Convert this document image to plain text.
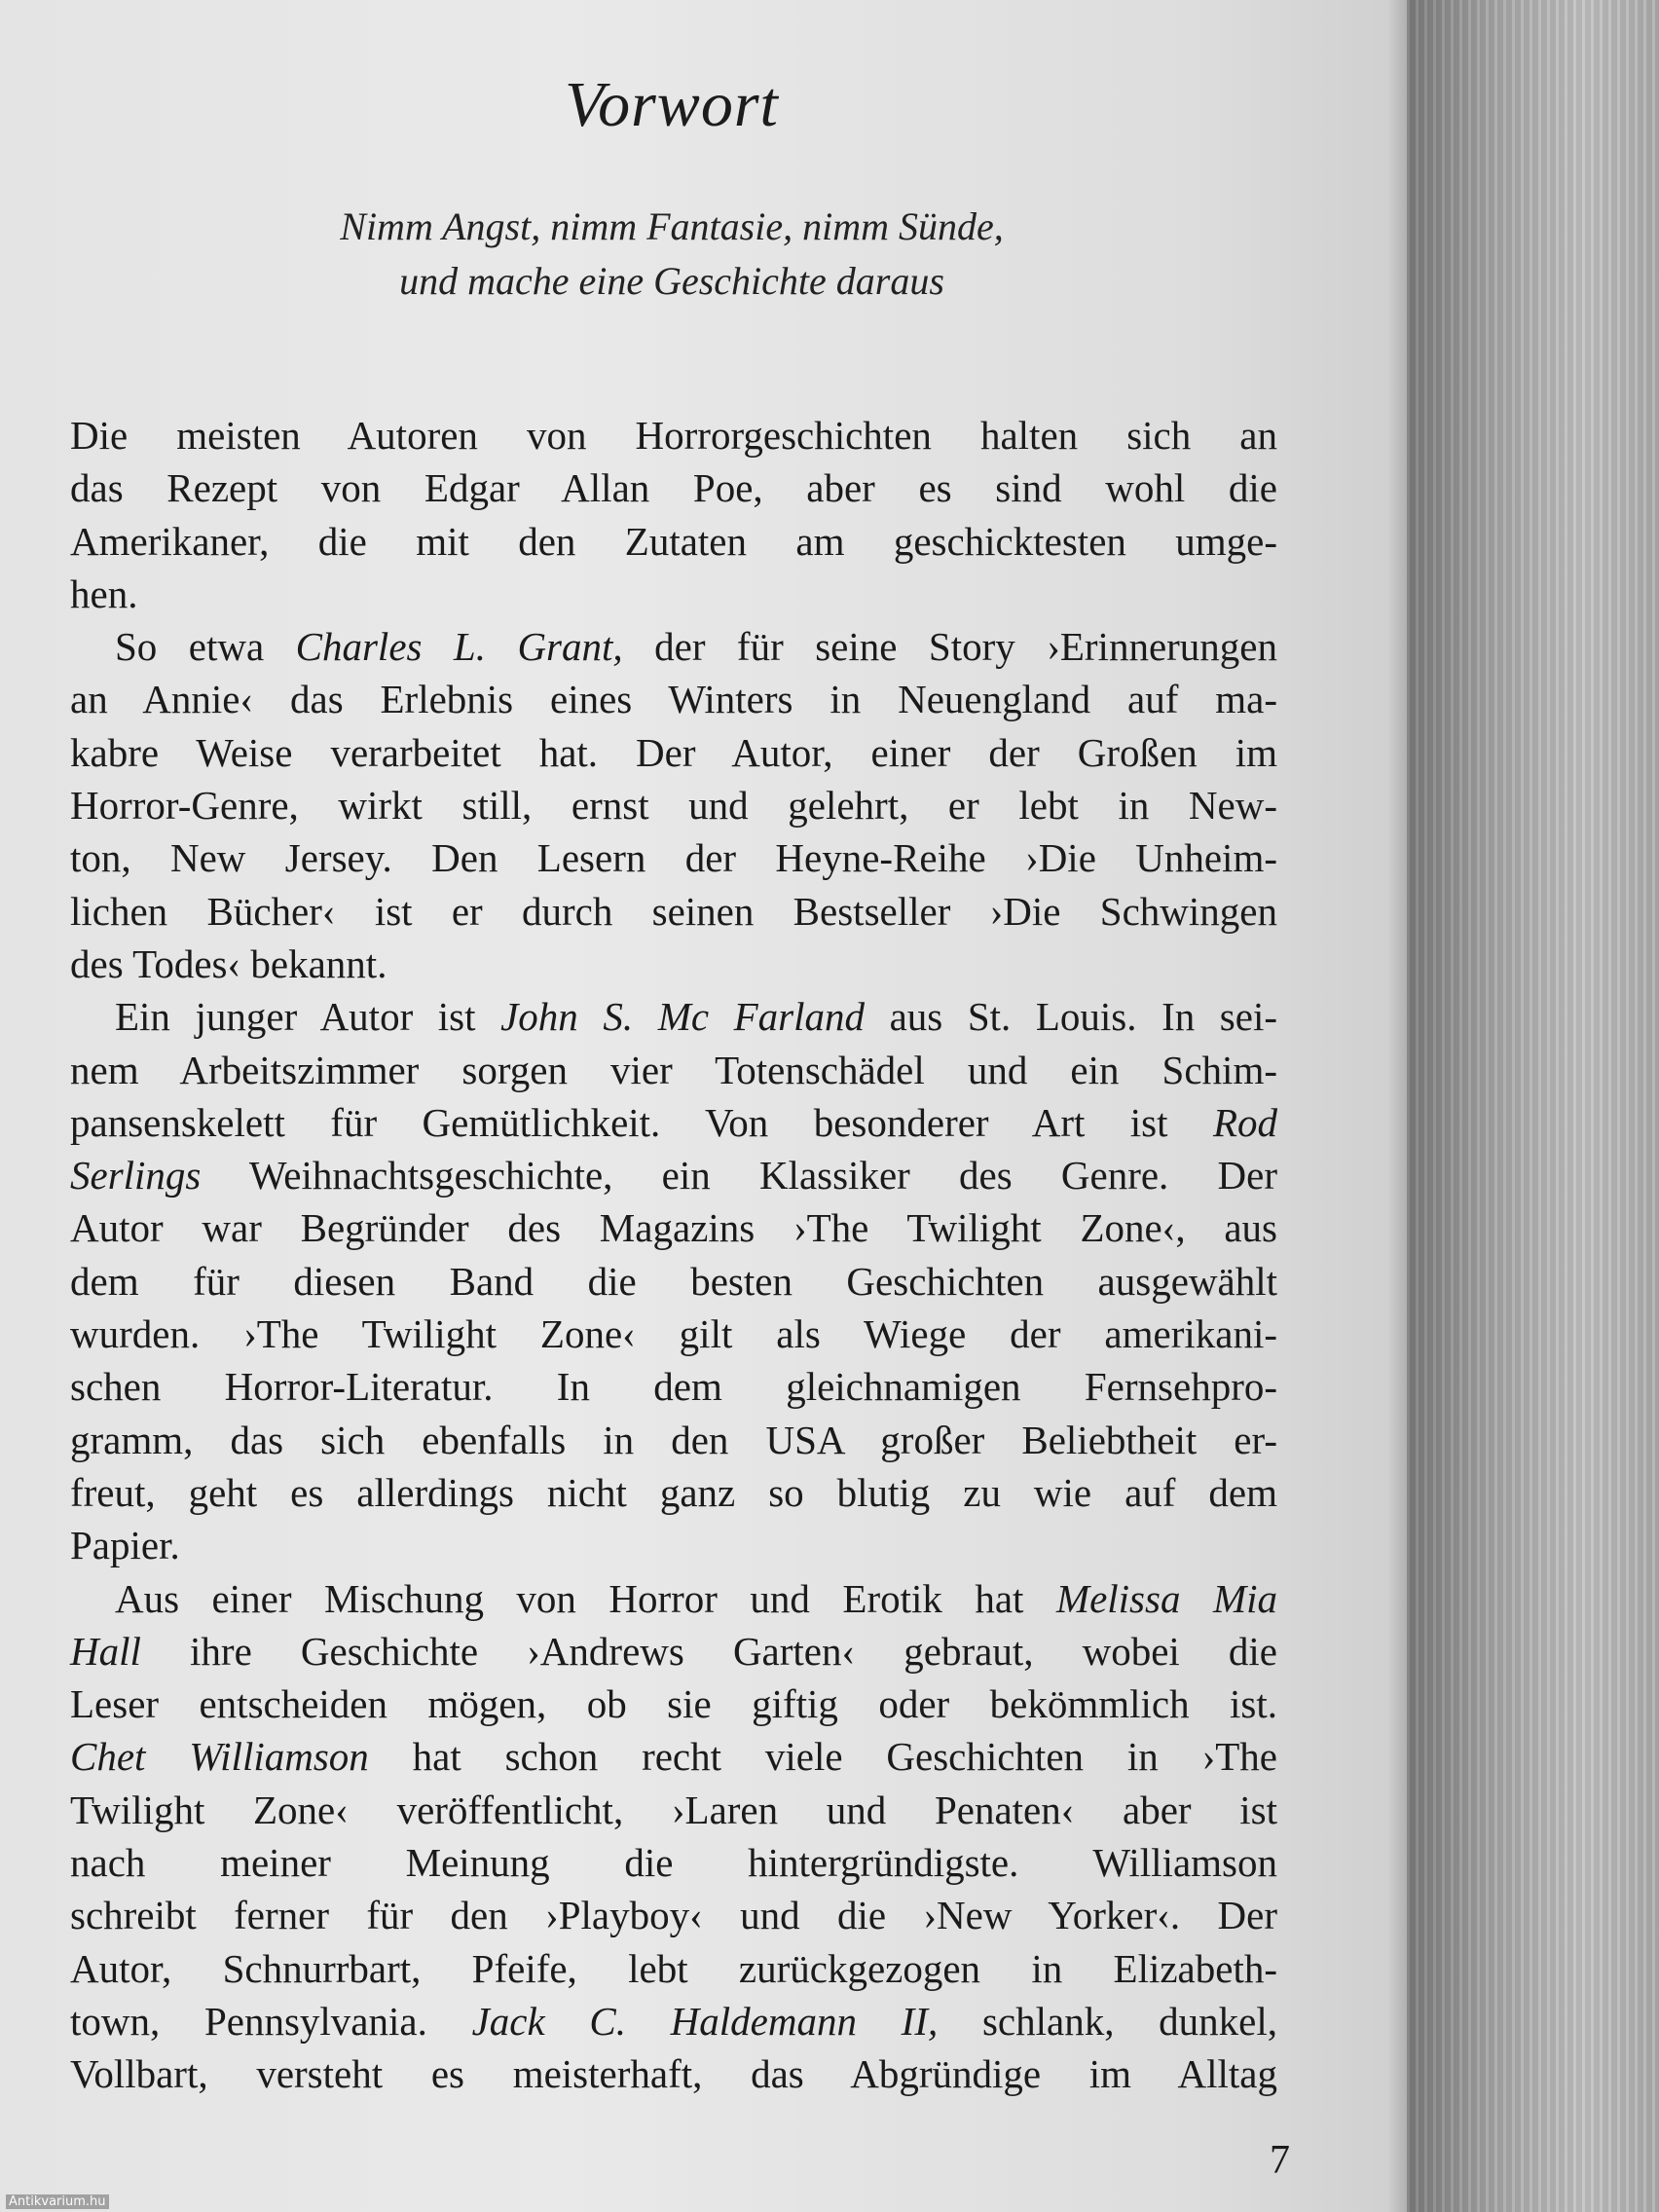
Vorwort
Nimm Angst, nimm Fantasie, nimm Sünde,
und mache eine Geschichte daraus
Die meisten Autoren von Horrorgeschichten halten sich an
das Rezept von Edgar Allan Poe, aber es sind wohl die
Amerikaner, die mit den Zutaten am geschicktesten umge-
hen.
So etwa Charles L. Grant, der für seine Story ›Erinnerungen
an Annie‹ das Erlebnis eines Winters in Neuengland auf ma-
kabre Weise verarbeitet hat. Der Autor, einer der Großen im
Horror-Genre, wirkt still, ernst und gelehrt, er lebt in New-
ton, New Jersey. Den Lesern der Heyne-Reihe ›Die Unheim-
lichen Bücher‹ ist er durch seinen Bestseller ›Die Schwingen
des Todes‹ bekannt.
Ein junger Autor ist John S. Mc Farland aus St. Louis. In sei-
nem Arbeitszimmer sorgen vier Totenschädel und ein Schim-
pansenskelett für Gemütlichkeit. Von besonderer Art ist Rod
Serlings Weihnachtsgeschichte, ein Klassiker des Genre. Der
Autor war Begründer des Magazins ›The Twilight Zone‹, aus
dem für diesen Band die besten Geschichten ausgewählt
wurden. ›The Twilight Zone‹ gilt als Wiege der amerikani-
schen Horror-Literatur. In dem gleichnamigen Fernsehpro-
gramm, das sich ebenfalls in den USA großer Beliebtheit er-
freut, geht es allerdings nicht ganz so blutig zu wie auf dem
Papier.
Aus einer Mischung von Horror und Erotik hat Melissa Mia
Hall ihre Geschichte ›Andrews Garten‹ gebraut, wobei die
Leser entscheiden mögen, ob sie giftig oder bekömmlich ist.
Chet Williamson hat schon recht viele Geschichten in ›The
Twilight Zone‹ veröffentlicht, ›Laren und Penaten‹ aber ist
nach meiner Meinung die hintergründigste. Williamson
schreibt ferner für den ›Playboy‹ und die ›New Yorker‹. Der
Autor, Schnurrbart, Pfeife, lebt zurückgezogen in Elizabeth-
town, Pennsylvania. Jack C. Haldemann II, schlank, dunkel,
Vollbart, versteht es meisterhaft, das Abgründige im Alltag
7
Antikvarium.hu
